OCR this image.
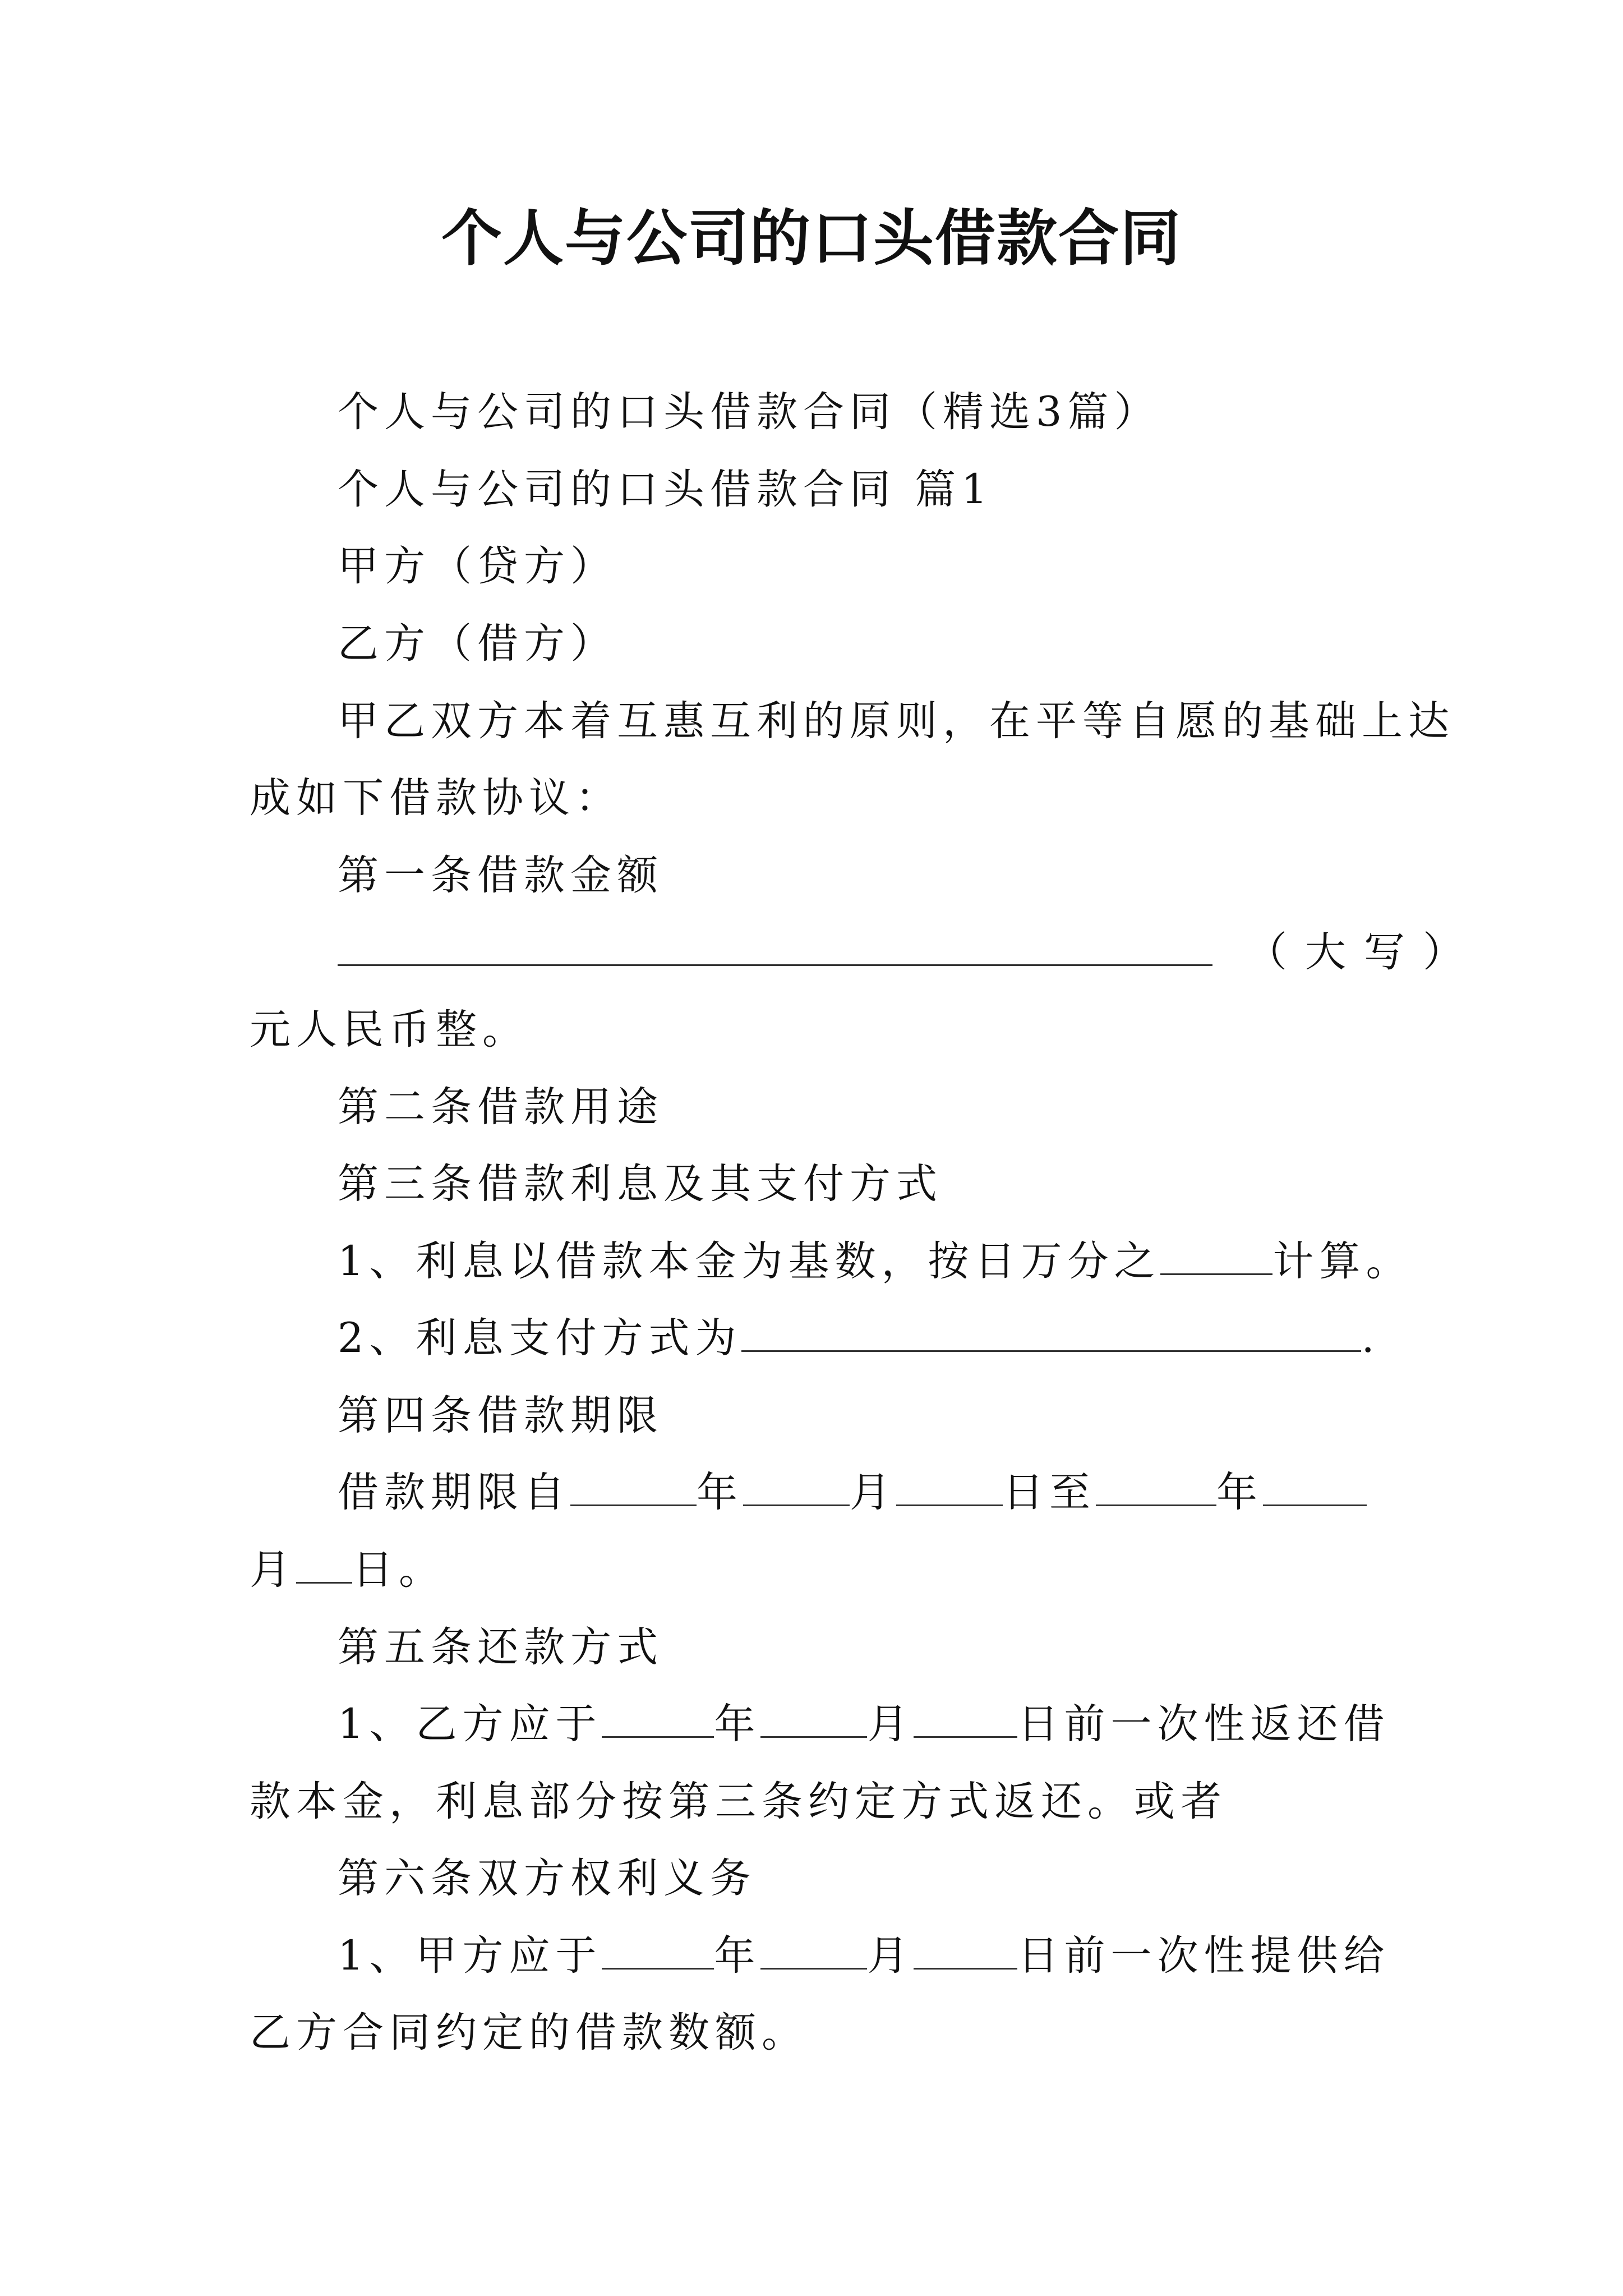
个人与公司的口头借款合同
个人与公司的口头借款合同（精选3篇）
个人与公司的口头借款合同 篇1
甲方（贷方）
乙方（借方）
甲乙双方本着互惠互利的原则，在平等自愿的基础上达
成如下借款协议：
第一条借款金额
（大写）
元人民币整。
第二条借款用途
第三条借款利息及其支付方式
1、利息以借款本金为基数，按日万分之	计算。
2、利息支付方式为	.
第四条借款期限
借款期限自	年	月	日至	年
月 日。
第五条还款方式
1、乙方应于	年	月	日前一次性返还借
款本金，利息部分按第三条约定方式返还。或者
第六条双方权利义务
1、甲方应于	年	月	日前一次性提供给
乙方合同约定的借款数额。
